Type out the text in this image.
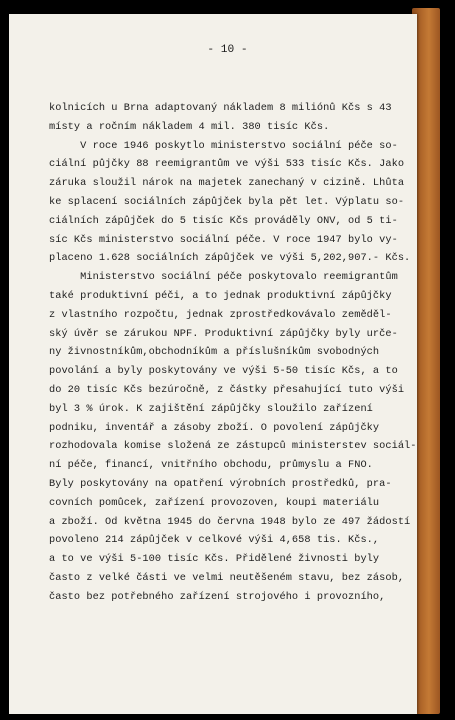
- 10 -
kolnicích u Brna adaptovaný nákladem 8 miliónů Kčs s 43
místy a ročním nákladem 4 mil. 380 tisíc Kčs.
V roce 1946 poskytlo ministerstvo sociální péče so-
ciální půjčky 88 reemigrantům ve výši 533 tisíc Kčs. Jako
záruka sloužil nárok na majetek zanechaný v cizině. Lhůta
ke splacení sociálních zápůjček byla pět let. Výplatu so-
ciálních zápůjček do 5 tisíc Kčs prováděly ONV, od 5 ti-
síc Kčs ministerstvo sociální péče. V roce 1947 bylo vy-
placeno 1.628 sociálních zápůjček ve výši 5,202,907.- Kčs.
Ministerstvo sociální péče poskytovalo reemigrantům
také produktivní péči, a to jednak produktivní zápůjčky
z vlastního rozpočtu, jednak zprostředkovávalo zeměděl-
ský úvěr se zárukou NPF. Produktivní zápůjčky byly urče-
ny živnostníkům,obchodníkům a příslušníkům svobodných
povolání a byly poskytovány ve výši 5-50 tisíc Kčs, a to
do 20 tisíc Kčs bezúročně, z částky přesahující tuto výši
byl 3 % úrok. K zajištění zápůjčky sloužilo zařízení
podniku, inventář a zásoby zboží. O povolení zápůjčky
rozhodovala komise složená ze zástupců ministerstev sociál-
ní péče, financí, vnitřního obchodu, průmyslu a FNO.
Byly poskytovány na opatření výrobních prostředků, pra-
covních pomůcek, zařízení provozoven, koupi materiálu
a zboží. Od května 1945 do června 1948 bylo ze 497 žádostí
povoleno 214 zápůjček v celkové výši 4,658 tis. Kčs.,
a to ve výši 5-100 tisíc Kčs. Přidělené živnosti byly
často z velké části ve velmi neutěšeném stavu, bez zásob,
často bez potřebného zařízení strojového i provozního,
